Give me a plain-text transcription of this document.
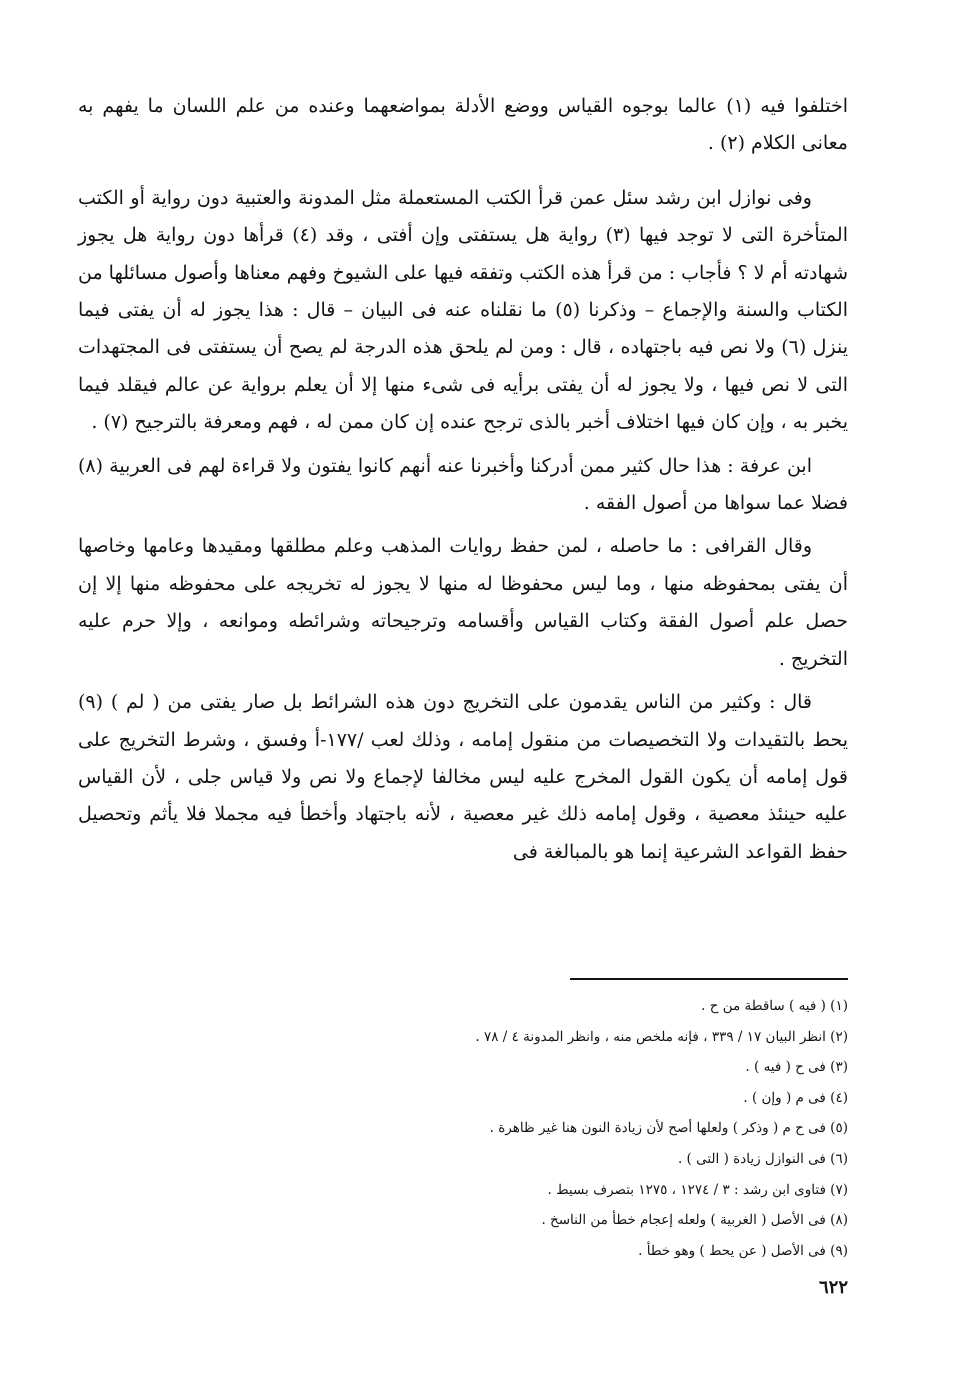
اختلفوا فيه (١) عالما بوجوه القياس ووضع الأدلة بمواضعهما وعنده من علم اللسان ما يفهم به معانى الكلام (٢) .

وفى نوازل ابن رشد سئل عمن قرأ الكتب المستعملة مثل المدونة والعتبية دون رواية أو الكتب المتأخرة التى لا توجد فيها (٣) رواية هل يستفتى وإن أفتى ، وقد (٤) قرأها دون رواية هل يجوز شهادته أم لا ؟ فأجاب : من قرأ هذه الكتب وتفقه فيها على الشيوخ وفهم معناها وأصول مسائلها من الكتاب والسنة والإجماع – وذكرنا (٥) ما نقلناه عنه فى البيان – قال : هذا يجوز له أن يفتى فيما ينزل (٦) ولا نص فيه باجتهاده ، قال : ومن لم يلحق هذه الدرجة لم يصح أن يستفتى فى المجتهدات التى لا نص فيها ، ولا يجوز له أن يفتى برأيه فى شىء منها إلا أن يعلم برواية عن عالم فيقلد فيما يخبر به ، وإن كان فيها اختلاف أخبر بالذى ترجح عنده إن كان ممن له ، فهم ومعرفة بالترجيح (٧) .

ابن عرفة : هذا حال كثير ممن أدركنا وأخبرنا عنه أنهم كانوا يفتون ولا قراءة لهم فى العربية (٨) فضلا عما سواها من أصول الفقه .

وقال القرافى : ما حاصله ، لمن حفظ روايات المذهب وعلم مطلقها ومقيدها وعامها وخاصها أن يفتى بمحفوظه منها ، وما ليس محفوظا له منها لا يجوز له تخريجه على محفوظه منها إلا إن حصل علم أصول الفقة وكتاب القياس وأقسامه وترجيحاته وشرائطه وموانعه ، وإلا حرم عليه التخريج .

قال : وكثير من الناس يقدمون على التخريج دون هذه الشرائط بل صار يفتى من ( لم ) (٩) يحط بالتقيدات ولا التخصيصات من منقول إمامه ، وذلك لعب /١٧٧-أ وفسق ، وشرط التخريج على قول إمامه أن يكون القول المخرج عليه ليس مخالفا لإجماع ولا نص ولا قياس جلى ، لأن القياس عليه حينئذ معصية ، وقول إمامه ذلك غير معصية ، لأنه باجتهاد وأخطأ فيه مجملا فلا يأثم وتحصيل حفظ القواعد الشرعية إنما هو بالمبالغة فى

(١) ( فيه ) ساقطة من ح .
(٢) انظر البيان ١٧ / ٣٣٩ ، فإنه ملخص منه ، وانظر المدونة ٤ / ٧٨ .
(٣) فى ح ( فيه ) .
(٤) فى م ( وإن ) .
(٥) فى ح م ( وذكر ) ولعلها أصح لأن زيادة النون هنا غير ظاهرة .
(٦) فى النوازل زيادة ( التى ) .
(٧) فتاوى ابن رشد : ٣ / ١٢٧٤ ، ١٢٧٥ بتصرف بسيط .
(٨) فى الأصل ( الغربية ) ولعله إعجام خطأ من الناسخ .
(٩) فى الأصل ( عن يحط ) وهو خطأ .
٦٢٢
